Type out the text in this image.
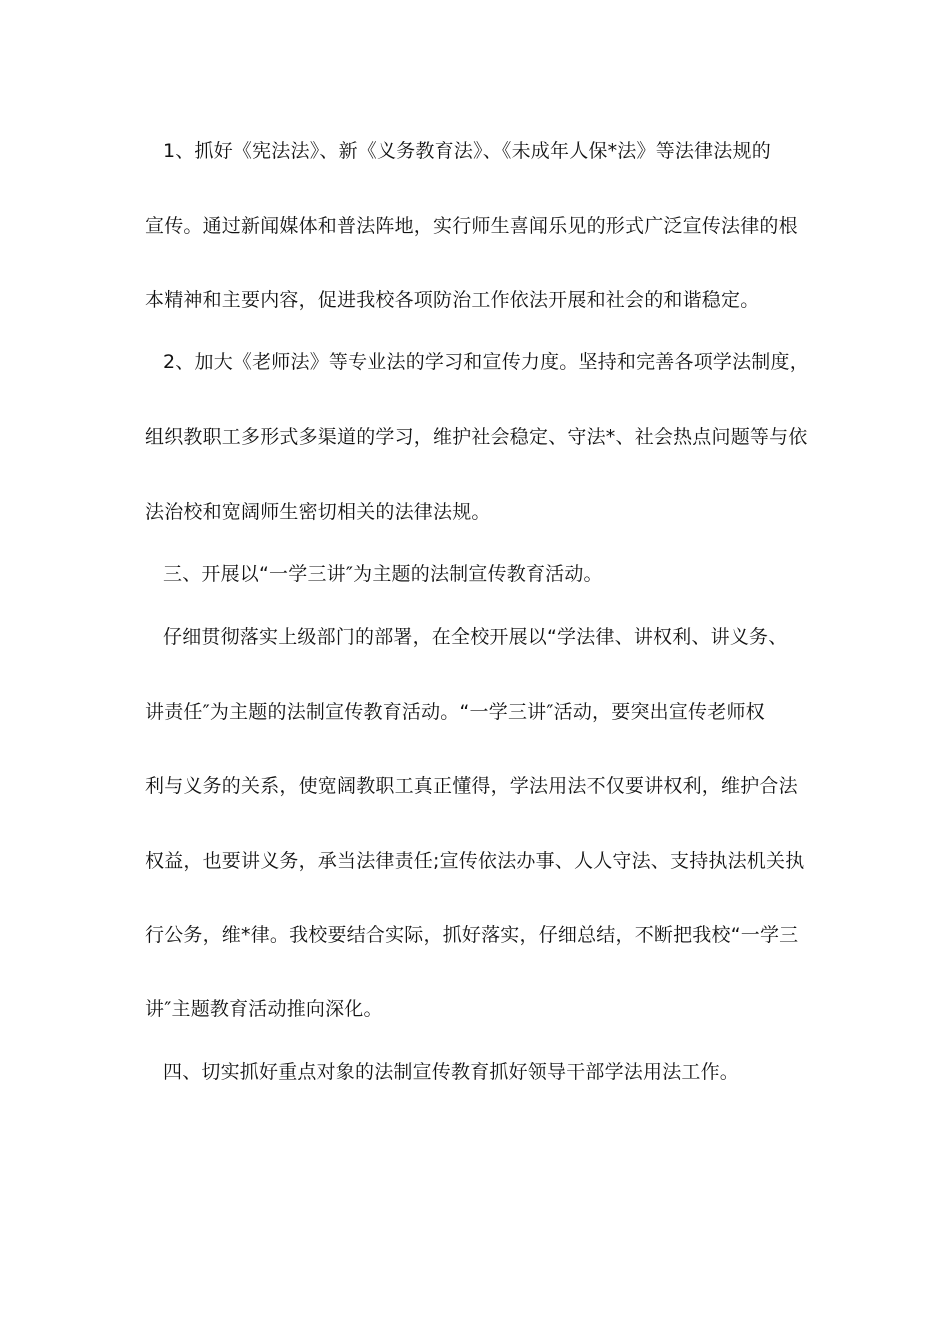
1、抓好《宪法法》、新《义务教育法》、《未成年人保*法》等法律法规的
宣传。通过新闻媒体和普法阵地，实行师生喜闻乐见的形式广泛宣传法律的根
本精神和主要内容，促进我校各项防治工作依法开展和社会的和谐稳定。
2、加大《老师法》等专业法的学习和宣传力度。坚持和完善各项学法制度，
组织教职工多形式多渠道的学习，维护社会稳定、守法*、社会热点问题等与依
法治校和宽阔师生密切相关的法律法规。
三、开展以“一学三讲″为主题的法制宣传教育活动。
仔细贯彻落实上级部门的部署，在全校开展以“学法律、讲权利、讲义务、
讲责任″为主题的法制宣传教育活动。“一学三讲″活动，要突出宣传老师权
利与义务的关系，使宽阔教职工真正懂得，学法用法不仅要讲权利，维护合法
权益，也要讲义务，承当法律责任;宣传依法办事、人人守法、支持执法机关执
行公务，维*律。我校要结合实际，抓好落实，仔细总结，不断把我校“一学三
讲″主题教育活动推向深化。
四、切实抓好重点对象的法制宣传教育抓好领导干部学法用法工作。
